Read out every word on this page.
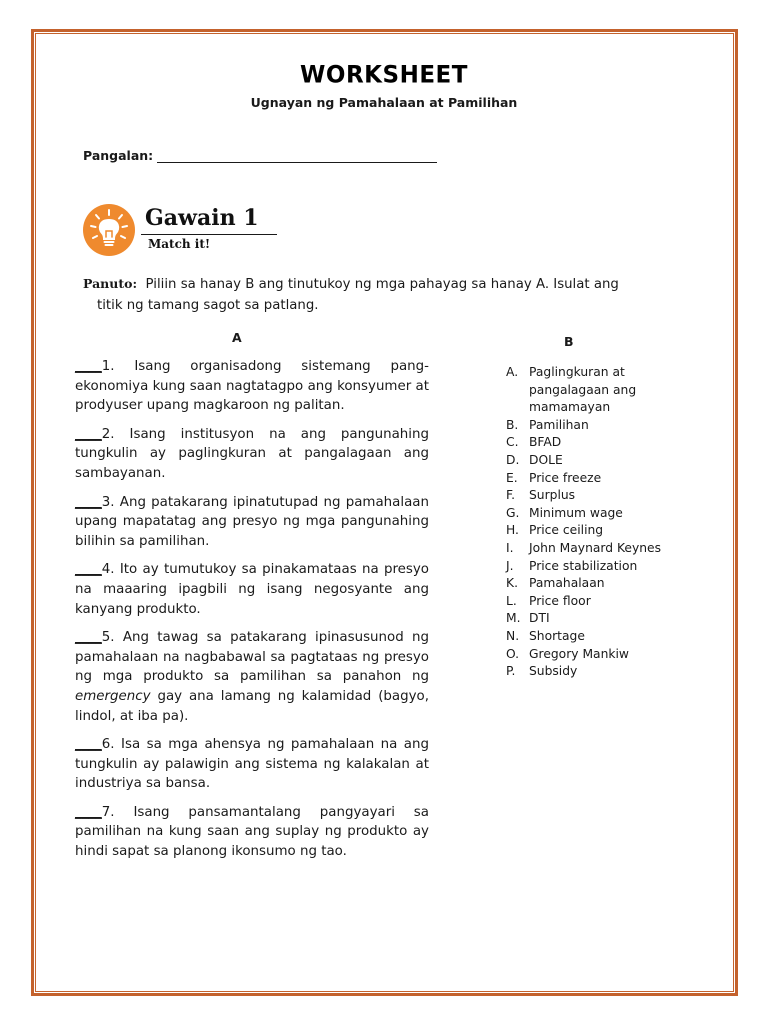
WORKSHEET
Ugnayan ng Pamahalaan at Pamilihan
Pangalan:
Gawain 1
Match it!
Panuto: Piliin sa hanay B ang tinutukoy ng mga pahayag sa hanay A. Isulat ang
titik ng tamang sagot sa patlang.
A	B

____1. Isang organisadong sistemang pang-ekonomiya kung saan nagtatagpo ang konsyumer at prodyuser upang magkaroon ng palitan.

____2. Isang institusyon na ang pangunahing tungkulin ay paglingkuran at pangalagaan ang sambayanan.

____3. Ang patakarang ipinatutupad ng pamahalaan upang mapatatag ang presyo ng mga pangunahing bilihin sa pamilihan.

____4. Ito ay tumutukoy sa pinakamataas na presyo na maaaring ipagbili ng isang negosyante ang kanyang produkto.

____5. Ang tawag sa patakarang ipinasusunod ng pamahalaan na nagbabawal sa pagtataas ng presyo ng mga produkto sa pamilihan sa panahon ng emergency gay ana lamang ng kalamidad (bagyo, lindol, at iba pa).

____6. Isa sa mga ahensya ng pamahalaan na ang tungkulin ay palawigin ang sistema ng kalakalan at industriya sa bansa.

____7. Isang pansamantalang pangyayari sa pamilihan na kung saan ang suplay ng produkto ay hindi sapat sa planong ikonsumo ng tao.

A. Paglingkuran at pangalagaan ang mamamayan
B. Pamilihan
C. BFAD
D. DOLE
E. Price freeze
F.	Surplus
G. Minimum wage
H. Price ceiling
I.	John Maynard Keynes
J.	Price stabilization
K. Pamahalaan
L. Price floor
M. DTI
N. Shortage
O. Gregory Mankiw
P.	Subsidy
